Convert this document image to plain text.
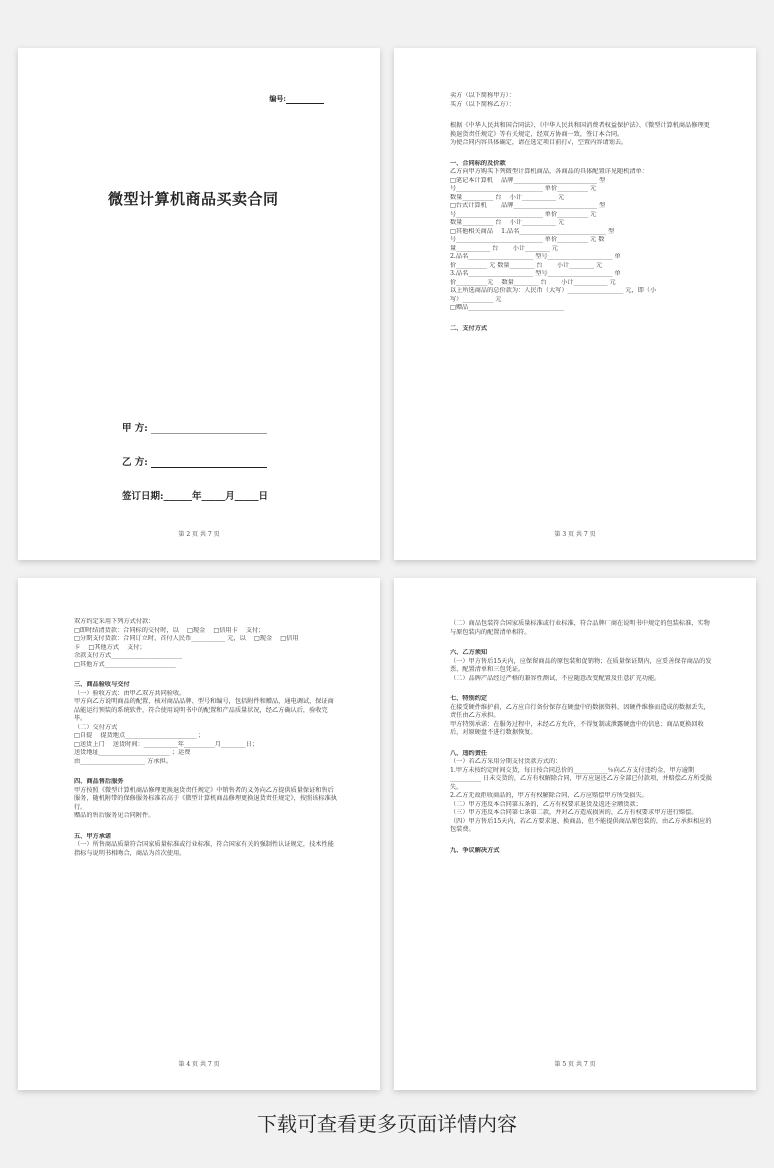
编号:
微型计算机商品买卖合同
甲 方:
乙 方:
签订日期:______年_____月_____日
第 2 页 共 7 页
卖方（以下简称甲方）：
买方（以下简称乙方）：
根据《中华人民共和国合同法》、《中华人民共和国消费者权益保护法》、《微型计算机商品修理更换退货责任规定》等有关规定，经双方协商一致，签订本合同。
为使合同内容具体确定，请在选定项目前打√，空置内容请划去。
一、合同标的及价款
乙方向甲方购买下列微型计算机商品，各商品的具体配置详见随机清单：
□笔记本计算机　 品牌___________________________ 型
号____________________________ 单价__________ 元
数量__________ 台　 小计___________ 元
□台式计算机　　 品牌___________________________ 型
号____________________________ 单价__________ 元
数量__________ 台　 小计___________ 元
□其他相关商品　 1.品名____________________________ 型
号____________________________ 单价__________ 元 数
量___________ 台　　 小计________ 元
2.品名_____________________ 型号_____________________ 单
价__________ 元 数量________ 台　　 小计________ 元
3.品名_____________________ 型号_____________________ 单
价__________元　 数量________ 台　　 小计___________ 元
以上所选商品的总价款为：人民币（大写）__________________ 元，即（小
写）__________ 元
□赠品_______________________________
二、支付方式
第 3 页 共 7 页
双方约定采用下列方式付款：
□即时结清货款：合同标的交付时，以　 □现金　 □信用卡　 支付；
□分期支付货款：合同订立时，首付人民币___________ 元，以　 □现金　 □信用
卡　 □其他方式　 支付；
余款支付方式_______________________
□其他方式_______________________
三、商品验收与交付
（一）验收方式：由甲乙双方共同验收。
甲方向乙方说明商品的配置，核对商品品牌、型号和编号，包括附件和赠品，通电调试，保证商品能运行预装的系统软件，符合使用说明书中的配置和产品质量状况，经乙方确认后，验收完毕。
（二）交付方式
□自提　 提货地点_______________________ ；
□送货上门　 送货时间：___________年__________月________日；
送货地址_______________________ ；运费
由_____________________ 方承担。
四、商品售后服务
甲方按照《微型计算机商品修理更换退货责任规定》中销售者的义务向乙方提供质量保证和售后服务，随机附带的保修服务标准若高于《微型计算机商品修理更换退货责任规定》，按照该标准执行。
赠品的售后服务见合同附件。
五、甲方承诺
（一）所售商品质量符合国家质量标准或行业标准，符合国家有关的强制性认证规定，技术性能指标与说明书相吻合，商品为首次使用。
第 4 页 共 7 页
（二）商品包装符合国家质量标准或行业标准，符合品牌厂商在说明书中规定的包装标准，实物与原包装内的配置清单相符。
六、乙方须知
（一）甲方售后15天内，应保留商品的原包装和促销物；在质量保证期内，应妥善保存商品的发票、配置清单和三包凭证。
（二）品牌产品经过严格的兼容性测试，不应随意改变配置及任意扩充功能。
七、特别约定
在接受硬件维护前，乙方应自行备份保存在硬盘中的数据资料，因硬件维修而造成的数据丢失，责任由乙方承担。
甲方特别承诺：在服务过程中，未经乙方允许，不得复制或泄露硬盘中的信息；商品更换回收后，对原硬盘不进行数据恢复。
八、违约责任
（一）若乙方采用分期支付货款方式的：
1.甲方未按约定时间交货，每日按合同总价的___________％向乙方支付违约金，甲方逾期__________ 日未交货的，乙方有权解除合同，甲方应退还乙方全部已付款项，并赔偿乙方所受损失。
2.乙方无故拒收商品的，甲方有权解除合同，乙方应赔偿甲方所受损失。
（二）甲方违反本合同第五条的，乙方有权要求退货及返还全额货款；
（三）甲方违反本合同第七条第二款，并对乙方造成损害的，乙方有权要求甲方进行赔偿。
（四）甲方售后15天内，若乙方要求退、换商品，但不能提供商品原包装的，由乙方承担相应的包装费。
九、争议解决方式
第 5 页 共 7 页
下载可查看更多页面详情内容
